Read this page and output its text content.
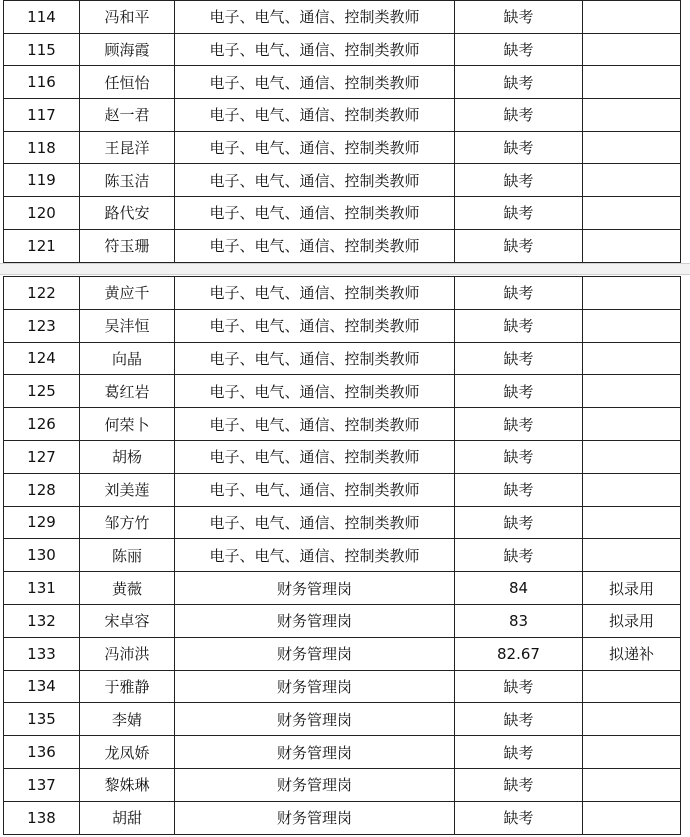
114	冯和平	电子、电气、通信、控制类教师	缺考	
115	顾海霞	电子、电气、通信、控制类教师	缺考	
116	任恒怡	电子、电气、通信、控制类教师	缺考	
117	赵一君	电子、电气、通信、控制类教师	缺考	
118	王昆洋	电子、电气、通信、控制类教师	缺考	
119	陈玉洁	电子、电气、通信、控制类教师	缺考	
120	路代安	电子、电气、通信、控制类教师	缺考	
121	符玉珊	电子、电气、通信、控制类教师	缺考	
122	黄应千	电子、电气、通信、控制类教师	缺考	
123	吴沣恒	电子、电气、通信、控制类教师	缺考	
124	向晶	电子、电气、通信、控制类教师	缺考	
125	葛红岩	电子、电气、通信、控制类教师	缺考	
126	何荣卜	电子、电气、通信、控制类教师	缺考	
127	胡杨	电子、电气、通信、控制类教师	缺考	
128	刘美莲	电子、电气、通信、控制类教师	缺考	
129	邹方竹	电子、电气、通信、控制类教师	缺考	
130	陈丽	电子、电气、通信、控制类教师	缺考	
131	黄薇	财务管理岗	84	拟录用
132	宋卓容	财务管理岗	83	拟录用
133	冯沛洪	财务管理岗	82.67	拟递补
134	于雅静	财务管理岗	缺考	
135	李婧	财务管理岗	缺考	
136	龙凤娇	财务管理岗	缺考	
137	黎姝琳	财务管理岗	缺考	
138	胡甜	财务管理岗	缺考	
